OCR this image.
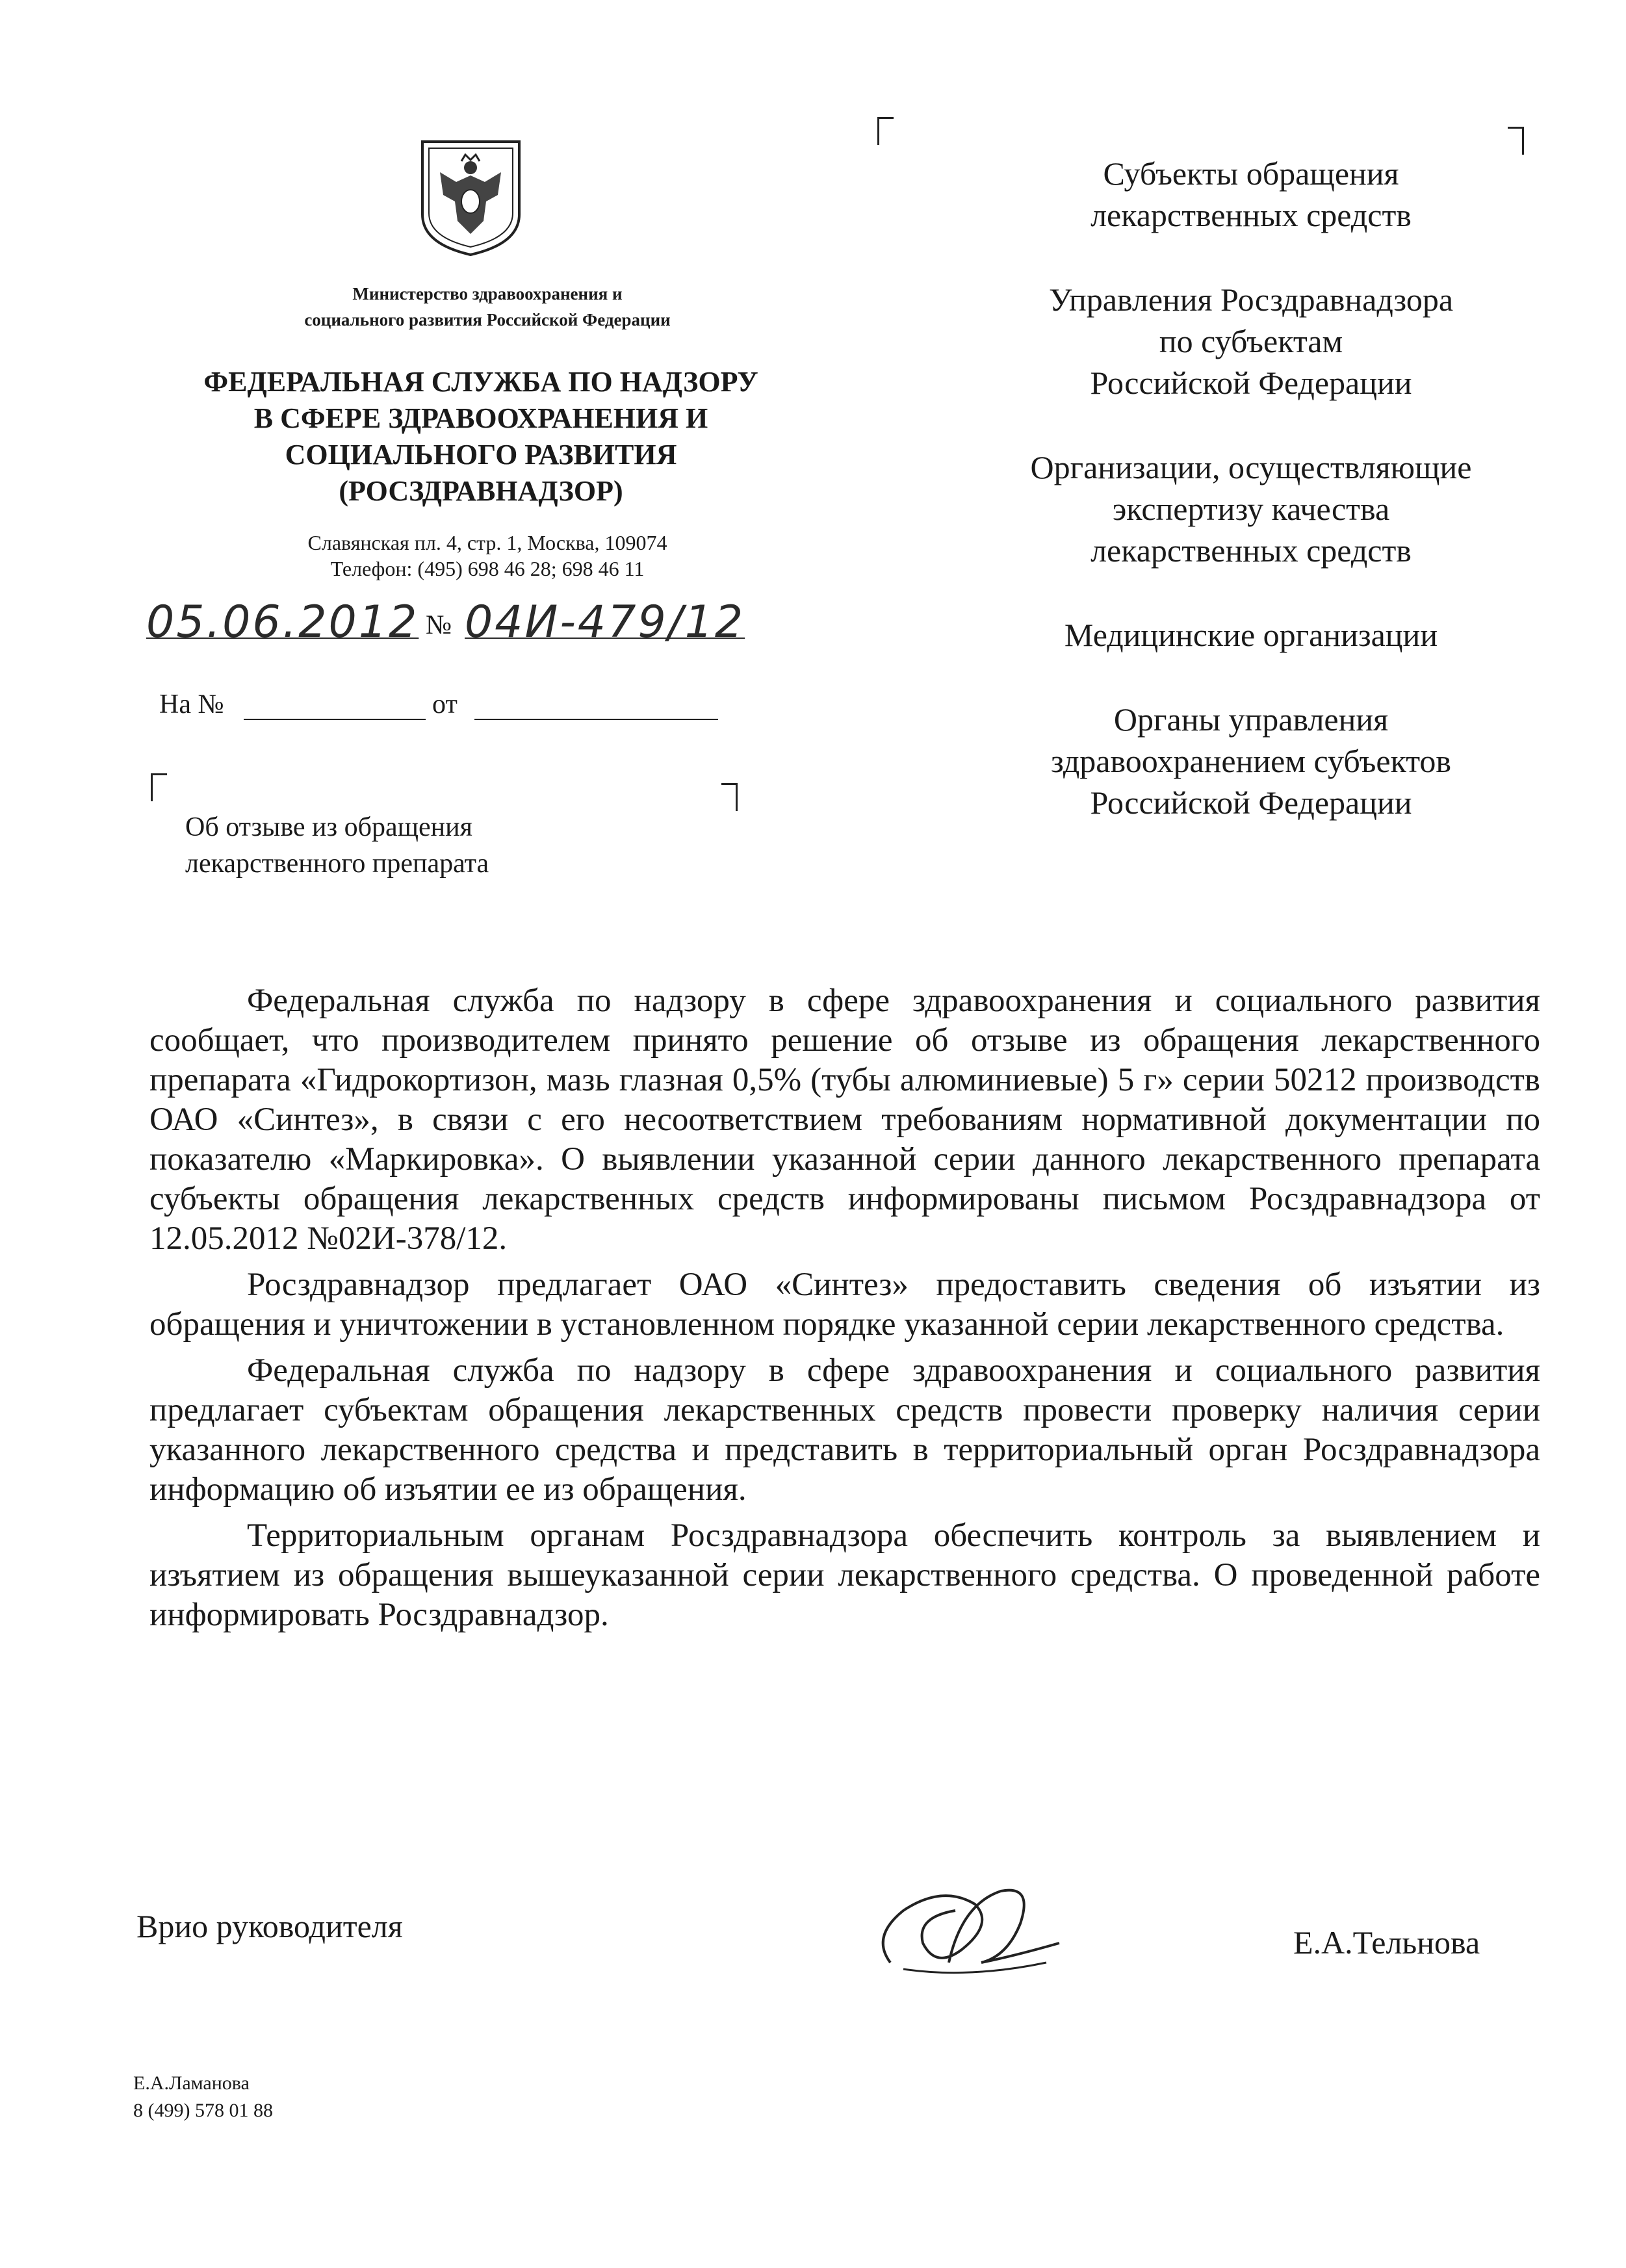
Министерство здравоохранения и
социального развития Российской Федерации
ФЕДЕРАЛЬНАЯ СЛУЖБА ПО НАДЗОРУ
В СФЕРЕ ЗДРАВООХРАНЕНИЯ И
СОЦИАЛЬНОГО РАЗВИТИЯ
(РОСЗДРАВНАДЗОР)
Славянская пл. 4, стр. 1, Москва, 109074
Телефон: (495) 698 46 28; 698 46 11
05.06.2012 № 04И-479/12
На №	от
Об отзыве из обращения
лекарственного препарата
Субъекты обращения
лекарственных средств
Управления Росздравнадзора
по субъектам
Российской Федерации
Организации, осуществляющие
экспертизу качества
лекарственных средств
Медицинские организации
Органы управления
здравоохранением субъектов
Российской Федерации

Федеральная служба по надзору в сфере здравоохранения и социального развития сообщает, что производителем принято решение об отзыве из обращения лекарственного препарата «Гидрокортизон, мазь глазная 0,5% (тубы алюминиевые) 5 г» серии 50212 производств ОАО «Синтез», в связи с его несоответствием требованиям нормативной документации по показателю «Маркировка». О выявлении указанной серии данного лекарственного препарата субъекты обращения лекарственных средств информированы письмом Росздравнадзора от 12.05.2012 №02И-378/12.

Росздравнадзор предлагает ОАО «Синтез» предоставить сведения об изъятии из обращения и уничтожении в установленном порядке указанной серии лекарственного средства.

Федеральная служба по надзору в сфере здравоохранения и социального развития предлагает субъектам обращения лекарственных средств провести проверку наличия серии указанного лекарственного средства и представить в территориальный орган Росздравнадзора информацию об изъятии ее из обращения.

Территориальным органам Росздравнадзора обеспечить контроль за выявлением и изъятием из обращения вышеуказанной серии лекарственного средства. О проведенной работе информировать Росздравнадзор.

Врио руководителя	Е.А.Тельнова
Е.А.Ламанова
8 (499) 578 01 88
